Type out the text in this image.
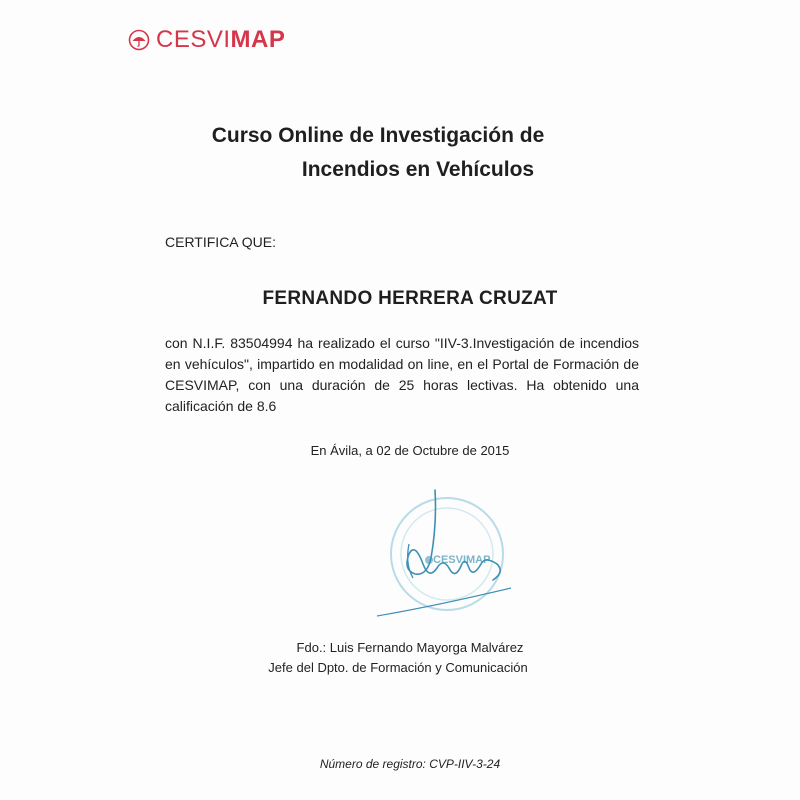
CESVIMAP
Curso Online de Investigación de
Incendios en Vehículos
CERTIFICA QUE:
FERNANDO HERRERA CRUZAT
con N.I.F. 83504994 ha realizado el curso "IIV-3.Investigación de incendios en vehículos", impartido en modalidad on line, en el Portal de Formación de CESVIMAP, con una duración de 25 horas lectivas. Ha obtenido una calificación de 8.6
En Ávila, a 02 de Octubre de 2015
CESVIMAP
Fdo.: Luis Fernando Mayorga Malvárez
Jefe del Dpto. de Formación y Comunicación
Número de registro: CVP-IIV-3-24
